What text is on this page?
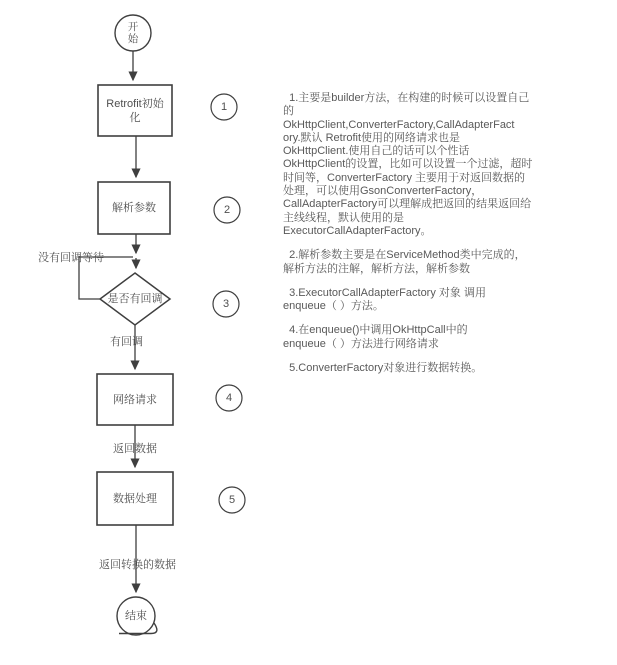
开
始
Retrofit初始
化
解析参数
是否有回调
网络请求
数据处理
结束
没有回调等待
有回调
返回数据
返回转换的数据
1
2
3
4
5
1.主要是builder方法，在构建的时候可以设置自己
的
OkHttpClient,ConverterFactory,CallAdapterFact
ory.默认 Retrofit使用的网络请求也是
OkHttpClient.使用自己的话可以个性话
OkHttpClient的设置，比如可以设置一个过滤，超时
时间等，ConverterFactory 主要用于对返回数据的
处理，可以使用GsonConverterFactory，
CallAdapterFactory可以理解成把返回的结果返回给
主线线程，默认使用的是
ExecutorCallAdapterFactory。
2.解析参数主要是在ServiceMethod类中完成的，
解析方法的注解，解析方法，解析参数
3.ExecutorCallAdapterFactory 对象 调用
enqueue（ ）方法。
4.在enqueue()中调用OkHttpCall中的
enqueue（ ）方法进行网络请求
5.ConverterFactory对象进行数据转换。
